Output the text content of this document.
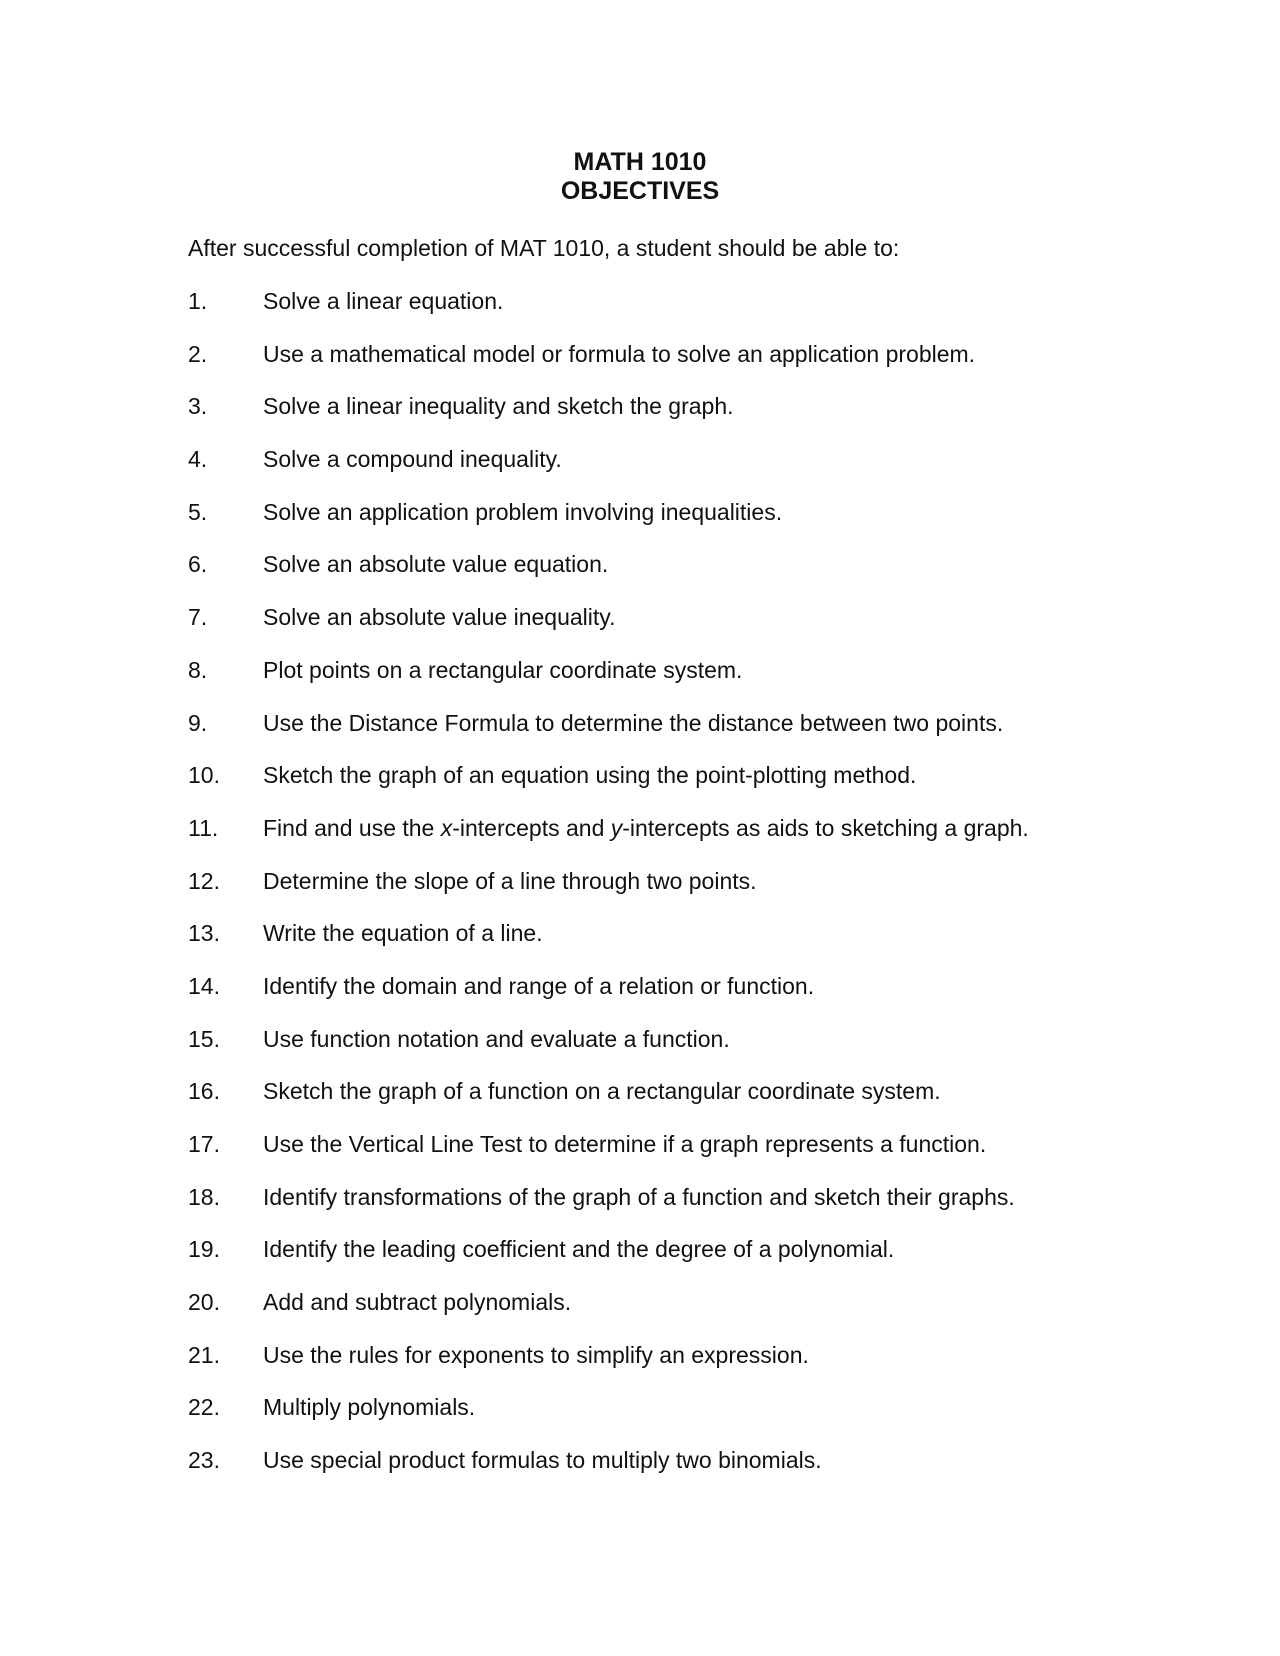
MATH 1010
OBJECTIVES
After successful completion of MAT 1010, a student should be able to:
1. Solve a linear equation.
2. Use a mathematical model or formula to solve an application problem.
3. Solve a linear inequality and sketch the graph.
4. Solve a compound inequality.
5. Solve an application problem involving inequalities.
6. Solve an absolute value equation.
7. Solve an absolute value inequality.
8. Plot points on a rectangular coordinate system.
9. Use the Distance Formula to determine the distance between two points.
10. Sketch the graph of an equation using the point-plotting method.
11. Find and use the x-intercepts and y-intercepts as aids to sketching a graph.
12. Determine the slope of a line through two points.
13. Write the equation of a line.
14. Identify the domain and range of a relation or function.
15. Use function notation and evaluate a function.
16. Sketch the graph of a function on a rectangular coordinate system.
17. Use the Vertical Line Test to determine if a graph represents a function.
18. Identify transformations of the graph of a function and sketch their graphs.
19. Identify the leading coefficient and the degree of a polynomial.
20. Add and subtract polynomials.
21. Use the rules for exponents to simplify an expression.
22. Multiply polynomials.
23. Use special product formulas to multiply two binomials.
